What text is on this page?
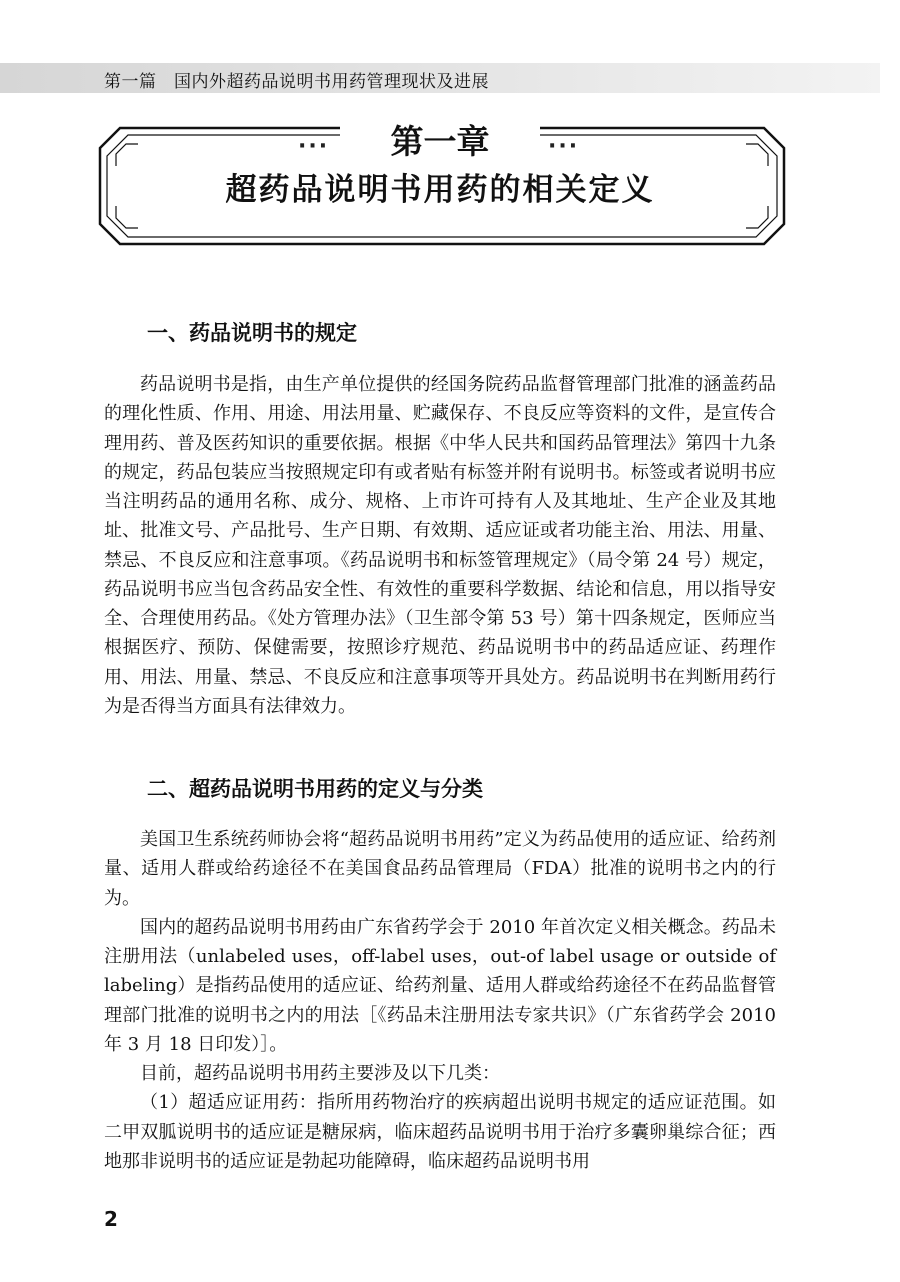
第一篇　国内外超药品说明书用药管理现状及进展
···	···
第一章
超药品说明书用药的相关定义
一、药品说明书的规定

药品说明书是指，由生产单位提供的经国务院药品监督管理部门批准的涵盖药品的理化性质、作用、用途、用法用量、贮藏保存、不良反应等资料的文件，是宣传合理用药、普及医药知识的重要依据。根据《中华人民共和国药品管理法》第四十九条的规定，药品包装应当按照规定印有或者贴有标签并附有说明书。标签或者说明书应当注明药品的通用名称、成分、规格、上市许可持有人及其地址、生产企业及其地址、批准文号、产品批号、生产日期、有效期、适应证或者功能主治、用法、用量、禁忌、不良反应和注意事项。《药品说明书和标签管理规定》（局令第 24 号）规定，药品说明书应当包含药品安全性、有效性的重要科学数据、结论和信息，用以指导安全、合理使用药品。《处方管理办法》（卫生部令第 53 号）第十四条规定，医师应当根据医疗、预防、保健需要，按照诊疗规范、药品说明书中的药品适应证、药理作用、用法、用量、禁忌、不良反应和注意事项等开具处方。药品说明书在判断用药行为是否得当方面具有法律效力。

二、超药品说明书用药的定义与分类

美国卫生系统药师协会将“超药品说明书用药”定义为药品使用的适应证、给药剂量、适用人群或给药途径不在美国食品药品管理局（FDA）批准的说明书之内的行为。

国内的超药品说明书用药由广东省药学会于 2010 年首次定义相关概念。药品未注册用法（unlabeled uses，off-label uses，out-of label usage or outside of labeling）是指药品使用的适应证、给药剂量、适用人群或给药途径不在药品监督管理部门批准的说明书之内的用法［《药品未注册用法专家共识》（广东省药学会 2010 年 3 月 18 日印发）］。

目前，超药品说明书用药主要涉及以下几类：

（1）超适应证用药：指所用药物治疗的疾病超出说明书规定的适应证范围。如二甲双胍说明书的适应证是糖尿病，临床超药品说明书用于治疗多囊卵巢综合征；西地那非说明书的适应证是勃起功能障碍，临床超药品说明书用

2
